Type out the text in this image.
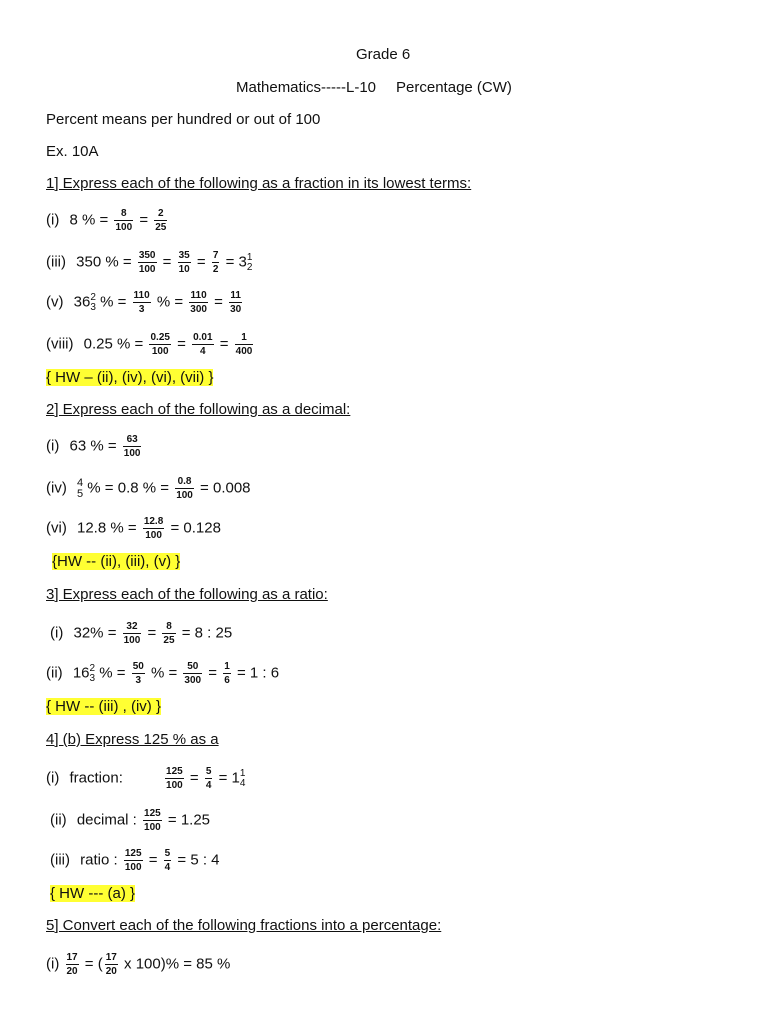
Grade 6
Mathematics-----L-10 Percentage (CW)
Percent means per hundred or out of 100
Ex. 10A
1] Express each of the following as a fraction in its lowest terms:
(i) 8 % = $\frac{8}{100} = \frac{2}{25}$
(iii) 350 % = $\frac{350}{100} = \frac{35}{10} = \frac{7}{2} = 3$ 1
2
(v) 36 2
3 % = $\frac{110}{3}$ % = $\frac{110}{300} = \frac{11}{30}$
(viii) 0.25 % = $\frac{0.25}{100} = \frac{0.01}{4} = \frac{1}{400}$
{ HW – (ii), (iv), (vi), (vii) }
2] Express each of the following as a decimal:
(i) 63 % = $\frac{63}{100}$
(iv) 4
5 % = 0.8 % = $\frac{0.8}{100} = 0.008$
(vi) 12.8 % = $\frac{12.8}{100} = 0.128$
{HW -- (ii), (iii), (v) }
3] Express each of the following as a ratio:
(i) $32\% = \frac{32}{100} = \frac{8}{25} = 8$ : 25
(ii) 16 2
3 % = $\frac{50}{3}$ % = $\frac{50}{300} = \frac{1}{6} = 1$ : 6
{ HW -- (iii) , (iv) }
4] (b) Express 125 % as a
(i) fraction:	$\frac{125}{100} = \frac{5}{4} = 1$ 1
4
(ii) decimal : $\frac{125}{100} = 1.25$
(iii) ratio : $\frac{125}{100} = \frac{5}{4} = 5$ : 4
{ HW --- (a) }
5] Convert each of the following fractions into a percentage:
$(i) \frac{17}{20}$ = ( $\frac{17}{20}$ x 100)% = 85 %
